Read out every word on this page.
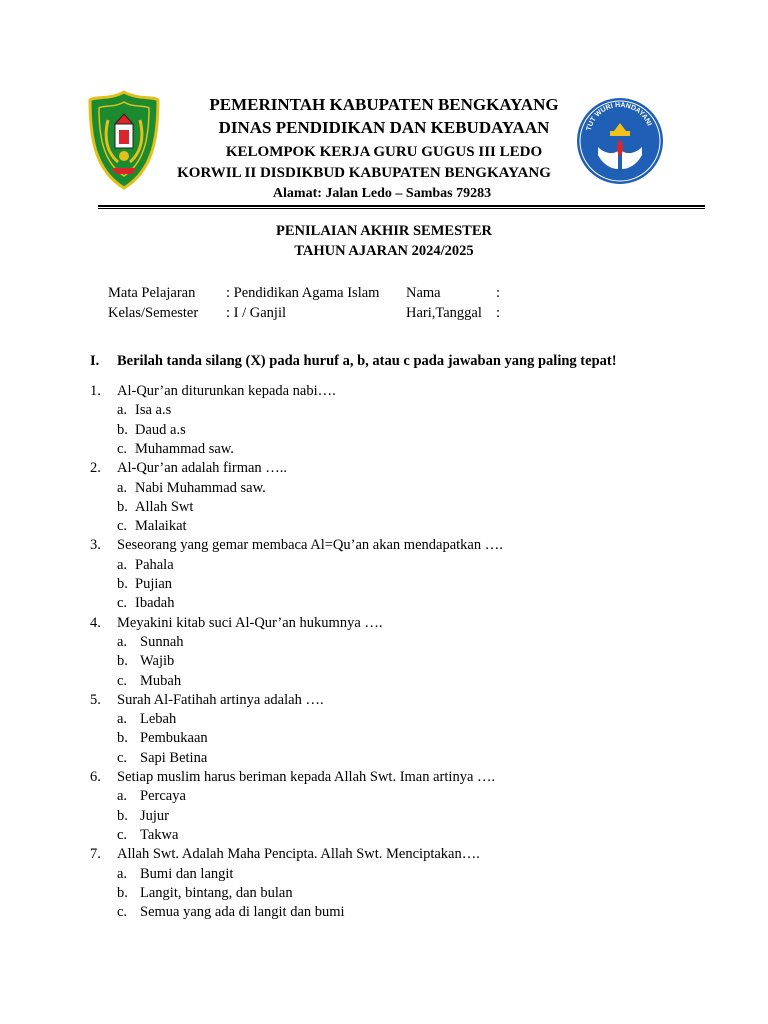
TUT WURI HANDAYANI
PEMERINTAH KABUPATEN BENGKAYANG
DINAS PENDIDIKAN DAN KEBUDAYAAN
KELOMPOK KERJA GURU GUGUS III LEDO
KORWIL II DISDIKBUD KABUPATEN BENGKAYANG
Alamat: Jalan Ledo – Sambas 79283
PENILAIAN AKHIR SEMESTER
TAHUN AJARAN 2024/2025
Mata Pelajaran : Pendidikan Agama Islam Nama	:
Kelas/Semester : I / Ganjil	Hari,Tanggal :
I. Berilah tanda silang (X) pada huruf a, b, atau c pada jawaban yang paling tepat!
1. Al-Qur’an diturunkan kepada nabi….
a. Isa a.s
b. Daud a.s
c. Muhammad saw.
2. Al-Qur’an adalah firman …..
a. Nabi Muhammad saw.
b. Allah Swt
c. Malaikat
3. Seseorang yang gemar membaca Al=Qu’an akan mendapatkan ….
a. Pahala
b. Pujian
c. Ibadah
4. Meyakini kitab suci Al-Qur’an hukumnya ….
a. Sunnah
b. Wajib
c. Mubah
5. Surah Al-Fatihah artinya adalah ….
a. Lebah
b. Pembukaan
c. Sapi Betina
6. Setiap muslim harus beriman kepada Allah Swt. Iman artinya ….
a. Percaya
b. Jujur
c. Takwa
7. Allah Swt. Adalah Maha Pencipta. Allah Swt. Menciptakan….
a. Bumi dan langit
b. Langit, bintang, dan bulan
c. Semua yang ada di langit dan bumi
